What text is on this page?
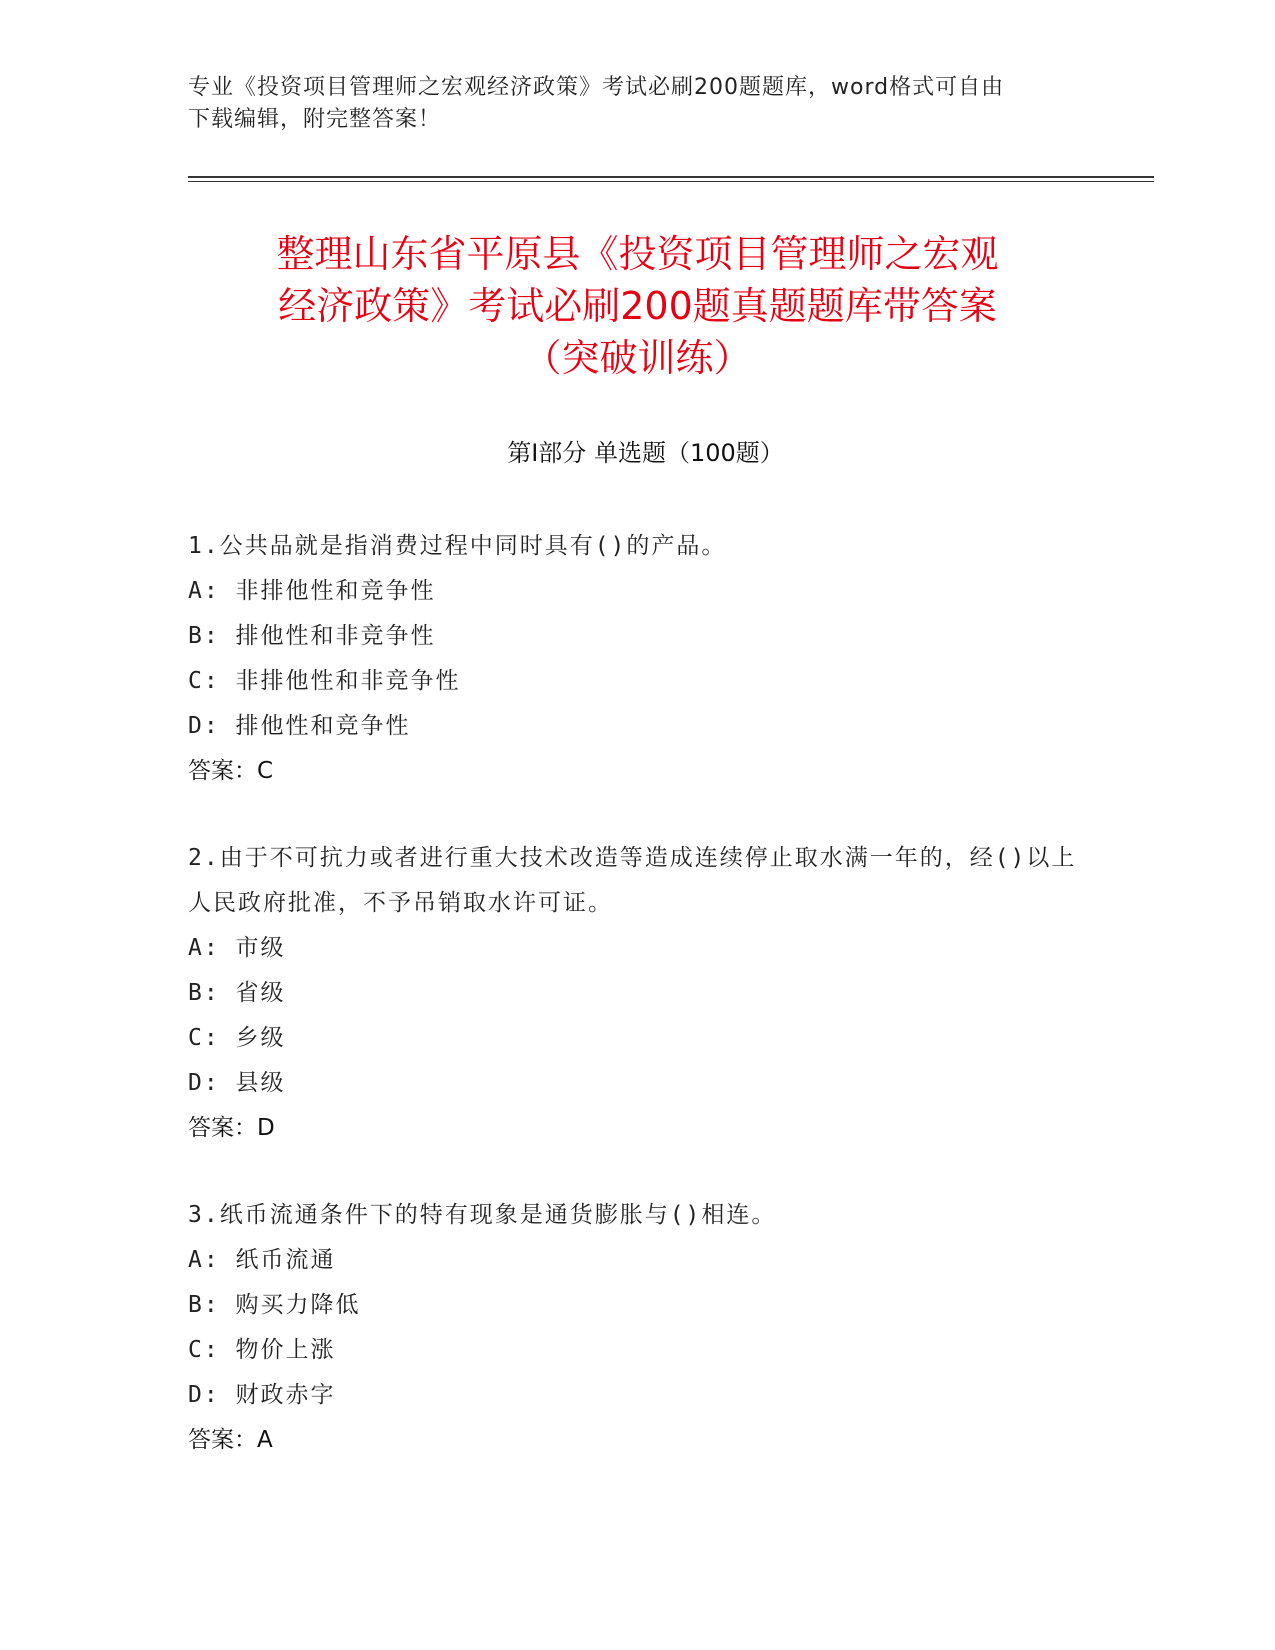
专业《投资项目管理师之宏观经济政策》考试必刷200题题库，word格式可自由
下载编辑，附完整答案！
整理山东省平原县《投资项目管理师之宏观
经济政策》考试必刷200题真题题库带答案
（突破训练）
第Ⅰ部分 单选题（100题）
1.公共品就是指消费过程中同时具有()的产品。
A: 非排他性和竞争性
B: 排他性和非竞争性
C: 非排他性和非竞争性
D: 排他性和竞争性
答案：C
2.由于不可抗力或者进行重大技术改造等造成连续停止取水满一年的，经()以上人民政府批准，不予吊销取水许可证。
A: 市级
B: 省级
C: 乡级
D: 县级
答案：D
3.纸币流通条件下的特有现象是通货膨胀与()相连。
A: 纸币流通
B: 购买力降低
C: 物价上涨
D: 财政赤字
答案：A
